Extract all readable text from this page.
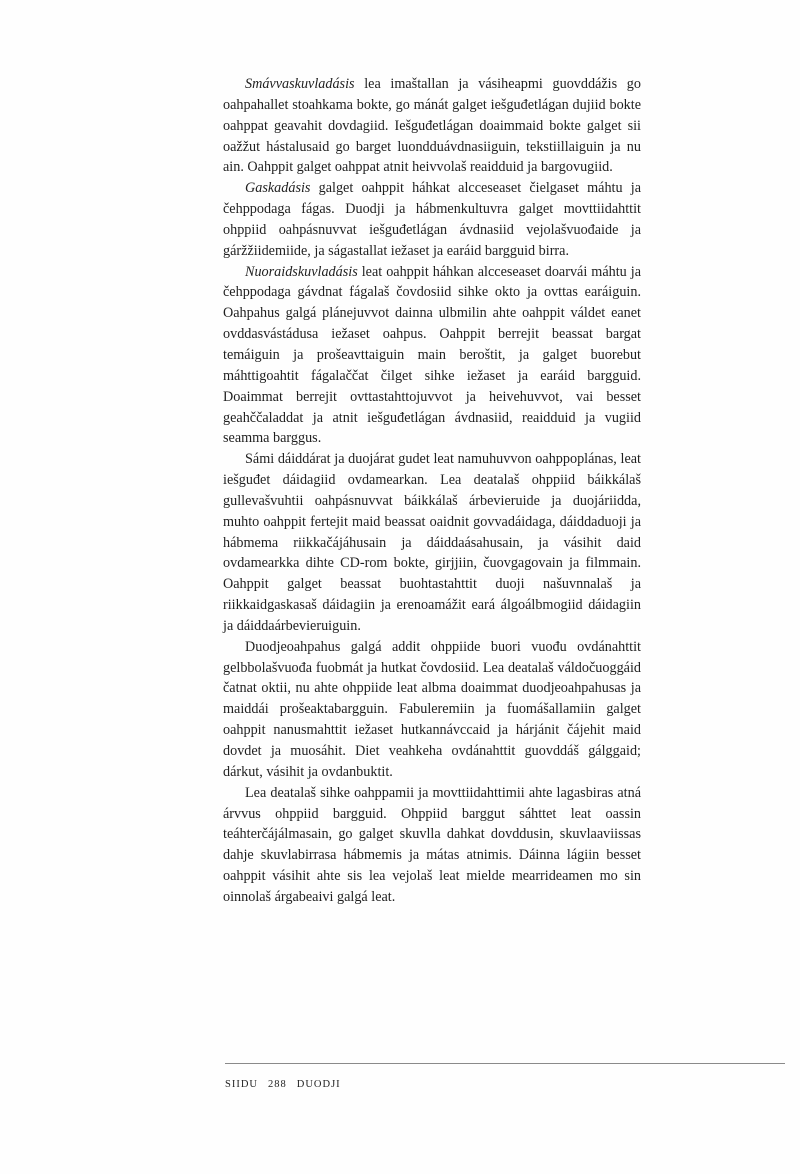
Smávvaskuvladásis lea imaštallan ja vásiheapmi guovddážis go oahpahallet stoahkama bokte, go mánát galget iešguđetlágan dujiid bokte oahppat geavahit dovdagiid. Iešguđetlágan doaimmaid bokte galget sii oažžut hástalusaid go barget luondduávdnasiiguin, tekstiillaiguin ja nu ain. Oahppit galget oahppat atnit heivvolaš reaidduid ja bargovugiid.

Gaskadásis galget oahppit háhkat alcceseaset čielgaset máhtu ja čehppodaga fágas. Duodji ja hábmenkultuvra galget movttiidahttit ohppiid oahpásnuvvat iešguđetlágan ávdnasiid vejolašvuođaide ja gáržžiidemiide, ja ságastallat iežaset ja earáid bargguid birra.

Nuoraidskuvladásis leat oahppit háhkan alcceseaset doarvái máhtu ja čehppodaga gávdnat fágalaš čovdosiid sihke okto ja ovttas earáiguin. Oahpahus galgá plánejuvvot dainna ulbmilin ahte oahppit váldet eanet ovddasvástádusa iežaset oahpus. Oahppit berrejit beassat bargat temáiguin ja prošeavttaiguin main beroštit, ja galget buorebut máhttigoahtit fágalaččat čilget sihke iežaset ja earáid bargguid. Doaimmat berrejit ovttastahttojuvvot ja heivehuvvot, vai besset geahččaladdat ja atnit iešguđetlágan ávdnasiid, reaidduid ja vugiid seamma barggus.

Sámi dáiddárat ja duojárat gudet leat namuhuvvon oahppoplánas, leat iešguđet dáidagiid ovdamearkan. Lea deatalaš ohppiid báikkálaš gullevašvuhtii oahpásnuvvat báikkálaš árbevieruide ja duojáriidda, muhto oahppit fertejit maid beassat oaidnit govvadáidaga, dáiddaduoji ja hábmema riikkačájáhusain ja dáiddaásahusain, ja vásihit daid ovdamearkka dihte CD-rom bokte, girjjiin, čuovgagovain ja filmmain. Oahppit galget beassat buohtastahttit duoji našuvnnalaš ja riikkaidgaskasaš dáidagiin ja erenoamážit eará álgoálbmogiid dáidagiin ja dáiddaárbevieruiguin.

Duodjeoahpahus galgá addit ohppiide buori vuođu ovdánahttit gelbbolašvuođa fuobmát ja hutkat čovdosiid. Lea deatalaš váldočuoggáid čatnat oktii, nu ahte ohppiide leat albma doaimmat duodjeoahpahusas ja maiddái prošeaktabargguin. Fabuleremiin ja fuomášallamiin galget oahppit nanusmahttit iežaset hutkannávccaid ja hárjánit čájehit maid dovdet ja muosáhit. Diet veahkeha ovdánahttit guovddáš gálggaid; dárkut, vásihit ja ovdanbuktit.

Lea deatalaš sihke oahppamii ja movttiidahttimii ahte lagasbiras atná árvvus ohppiid bargguid. Ohppiid barggut sáhttet leat oassin teáhterčájálmasain, go galget skuvlla dahkat dovddusin, skuvlaaviissas dahje skuvlabirrasa hábmemis ja mátas atnimis. Dáinna lágiin besset oahppit vásihit ahte sis lea vejolaš leat mielde mearrideamen mo sin oinnolaš árgabeaivi galgá leat.

SIIDU 288 DUODJI
